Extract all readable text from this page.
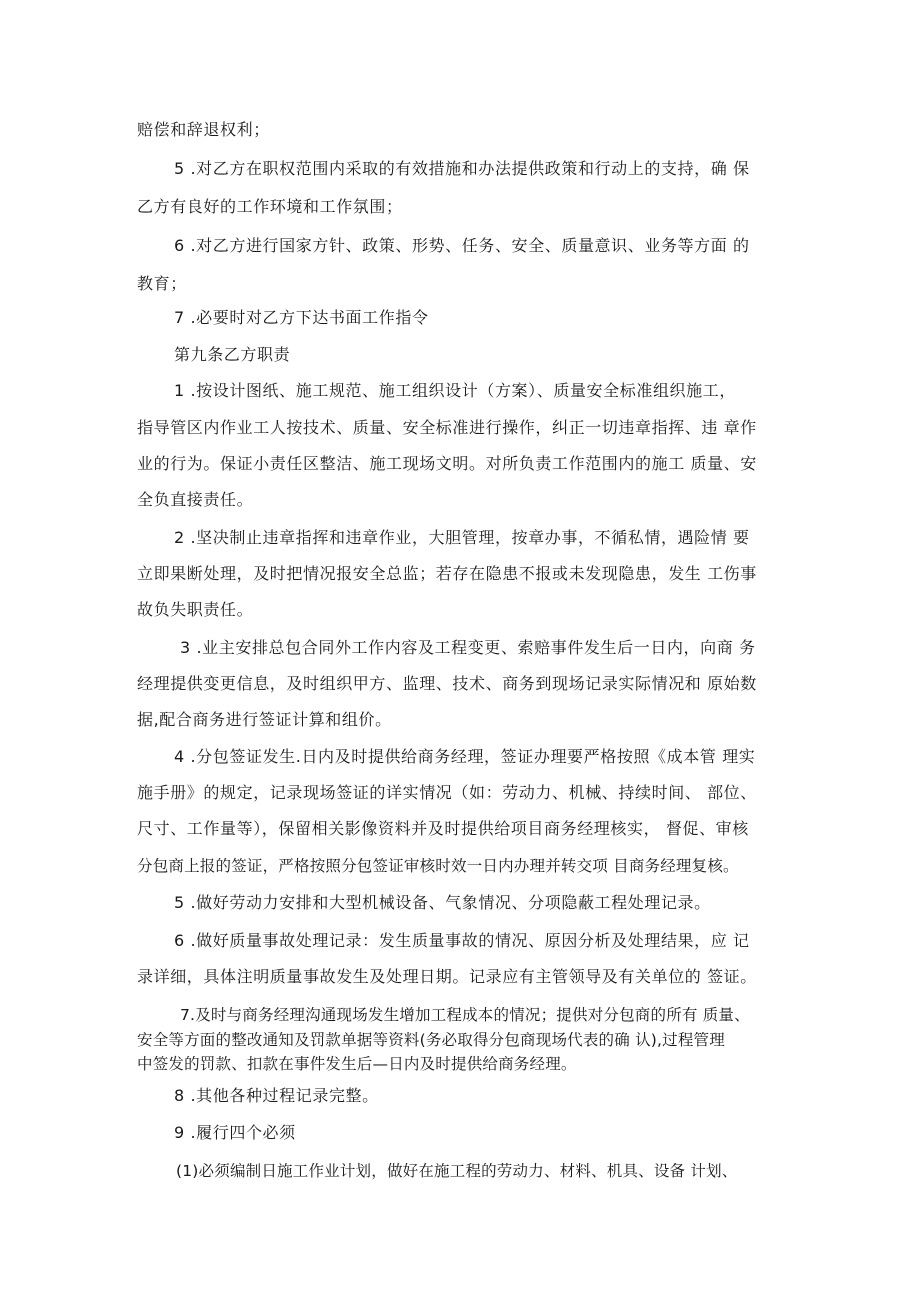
赔偿和辞退权利；
5 .对乙方在职权范围内采取的有效措施和办法提供政策和行动上的支持，确 保
乙方有良好的工作环境和工作氛围；
6 .对乙方进行国家方针、政策、形势、任务、安全、质量意识、业务等方面 的
教育；
7 .必要时对乙方下达书面工作指令
第九条乙方职责
1 .按设计图纸、施工规范、施工组织设计（方案）、质量安全标准组织施工，
指导管区内作业工人按技术、质量、安全标准进行操作，纠正一切违章指挥、违 章作
业的行为。保证小责任区整洁、施工现场文明。对所负责工作范围内的施工 质量、安
全负直接责任。
2 .坚决制止违章指挥和违章作业，大胆管理，按章办事，不循私情，遇险情 要
立即果断处理，及时把情况报安全总监；若存在隐患不报或未发现隐患，发生 工伤事
故负失职责任。
3 .业主安排总包合同外工作内容及工程变更、索赔事件发生后一日内，向商 务
经理提供变更信息，及时组织甲方、监理、技术、商务到现场记录实际情况和 原始数
据,配合商务进行签证计算和组价。
4 .分包签证发生.日内及时提供给商务经理，签证办理要严格按照《成本管 理实
施手册》的规定，记录现场签证的详实情况（如：劳动力、机械、持续时间、 部位、
尺寸、工作量等），保留相关影像资料并及时提供给项目商务经理核实， 督促、审核
分包商上报的签证，严格按照分包签证审核时效一日内办理并转交项 目商务经理复核。
5 .做好劳动力安排和大型机械设备、气象情况、分项隐蔽工程处理记录。
6 .做好质量事故处理记录：发生质量事故的情况、原因分析及处理结果，应 记
录详细，具体注明质量事故发生及处理日期。记录应有主管领导及有关单位的 签证。
7.及时与商务经理沟通现场发生增加工程成本的情况；提供对分包商的所有 质量、
安全等方面的整改通知及罚款单据等资料(务必取得分包商现场代表的确 认),过程管理
中签发的罚款、扣款在事件发生后—日内及时提供给商务经理。
8 .其他各种过程记录完整。
9 .履行四个必须
(1)必须编制日施工作业计划，做好在施工程的劳动力、材料、机具、设备 计划、
